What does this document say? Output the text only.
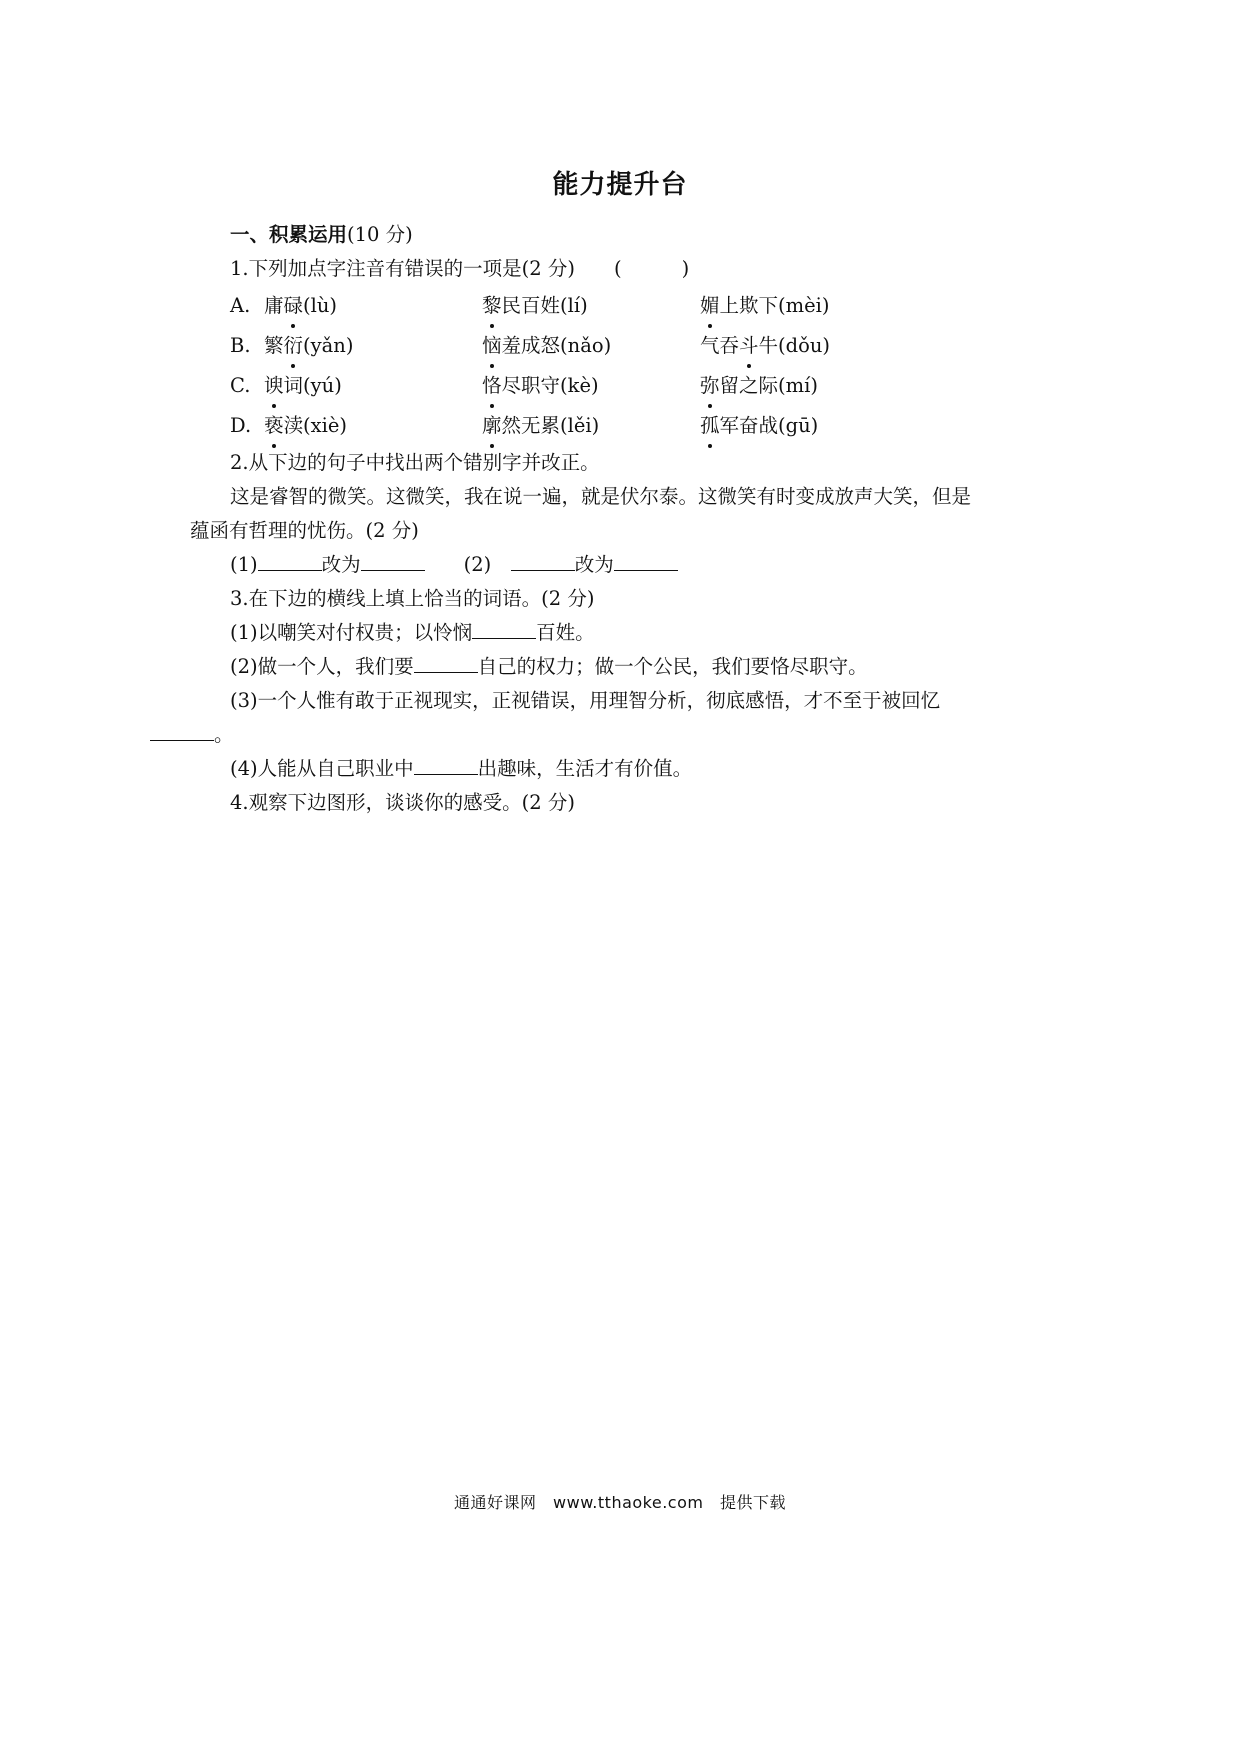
能力提升台
一、积累运用(10 分)
1.下列加点字注音有错误的一项是(2 分)　　 (	)
A. 庸碌(lù)	黎民百姓(lí)	媚上欺下(mèi)
B. 繁衍(yǎn)	恼羞成怒(nǎo)	气吞斗牛(dǒu)
C. 谀词(yú)	恪尽职守(kè)	弥留之际(mí)
D. 亵渎(xiè)	廓然无累(lěi)	孤军奋战(gū)
2.从下边的句子中找出两个错别字并改正。
这是睿智的微笑。这微笑，我在说一遍，就是伏尔泰。这微笑有时变成放声大笑，但是
蕴函有哲理的忧伤。(2 分)
(1)	改为　　	(2)　	改为
3.在下边的横线上填上恰当的词语。(2 分)
(1)以嘲笑对付权贵；以怜悯	百姓。
(2)做一个人，我们要	自己的权力；做一个公民，我们要恪尽职守。
(3)一个人惟有敢于正视现实，正视错误，用理智分析，彻底感悟，才不至于被回忆
。
(4)人能从自己职业中	出趣味，生活才有价值。
4.观察下边图形，谈谈你的感受。(2 分)
通通好课网　www.tthaoke.com　提供下载
